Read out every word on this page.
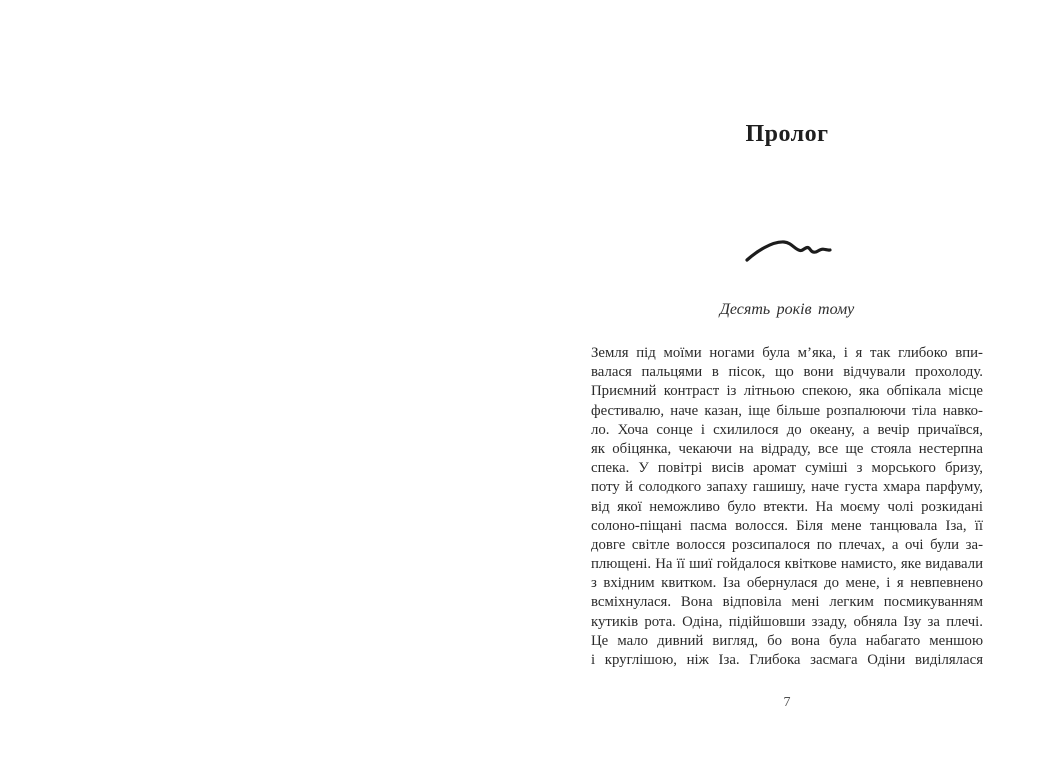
Пролог
Десять років тому
Земля під моїми ногами була м’яка, і я так глибоко впи-
валася пальцями в пісок, що вони відчували прохолоду.
Приємний контраст із літньою спекою, яка обпікала місце
фестивалю, наче казан, іще більше розпалюючи тіла навко-
ло. Хоча сонце і схилилося до океану, а вечір причаївся,
як обіцянка, чекаючи на відраду, все ще стояла нестерпна
спека. У повітрі висів аромат суміші з морського бризу,
поту й солодкого запаху гашишу, наче густа хмара парфуму,
від якої неможливо було втекти. На моєму чолі розкидані
солоно-піщані пасма волосся. Біля мене танцювала Іза, її
довге світле волосся розсипалося по плечах, а очі були за-
плющені. На її шиї гойдалося квіткове намисто, яке видавали
з вхідним квитком. Іза обернулася до мене, і я невпевнено
всміхнулася. Вона відповіла мені легким посмикуванням
кутиків рота. Одіна, підійшовши ззаду, обняла Ізу за плечі.
Це мало дивний вигляд, бо вона була набагато меншою
і круглішою, ніж Іза. Глибока засмага Одіни виділялася
7
